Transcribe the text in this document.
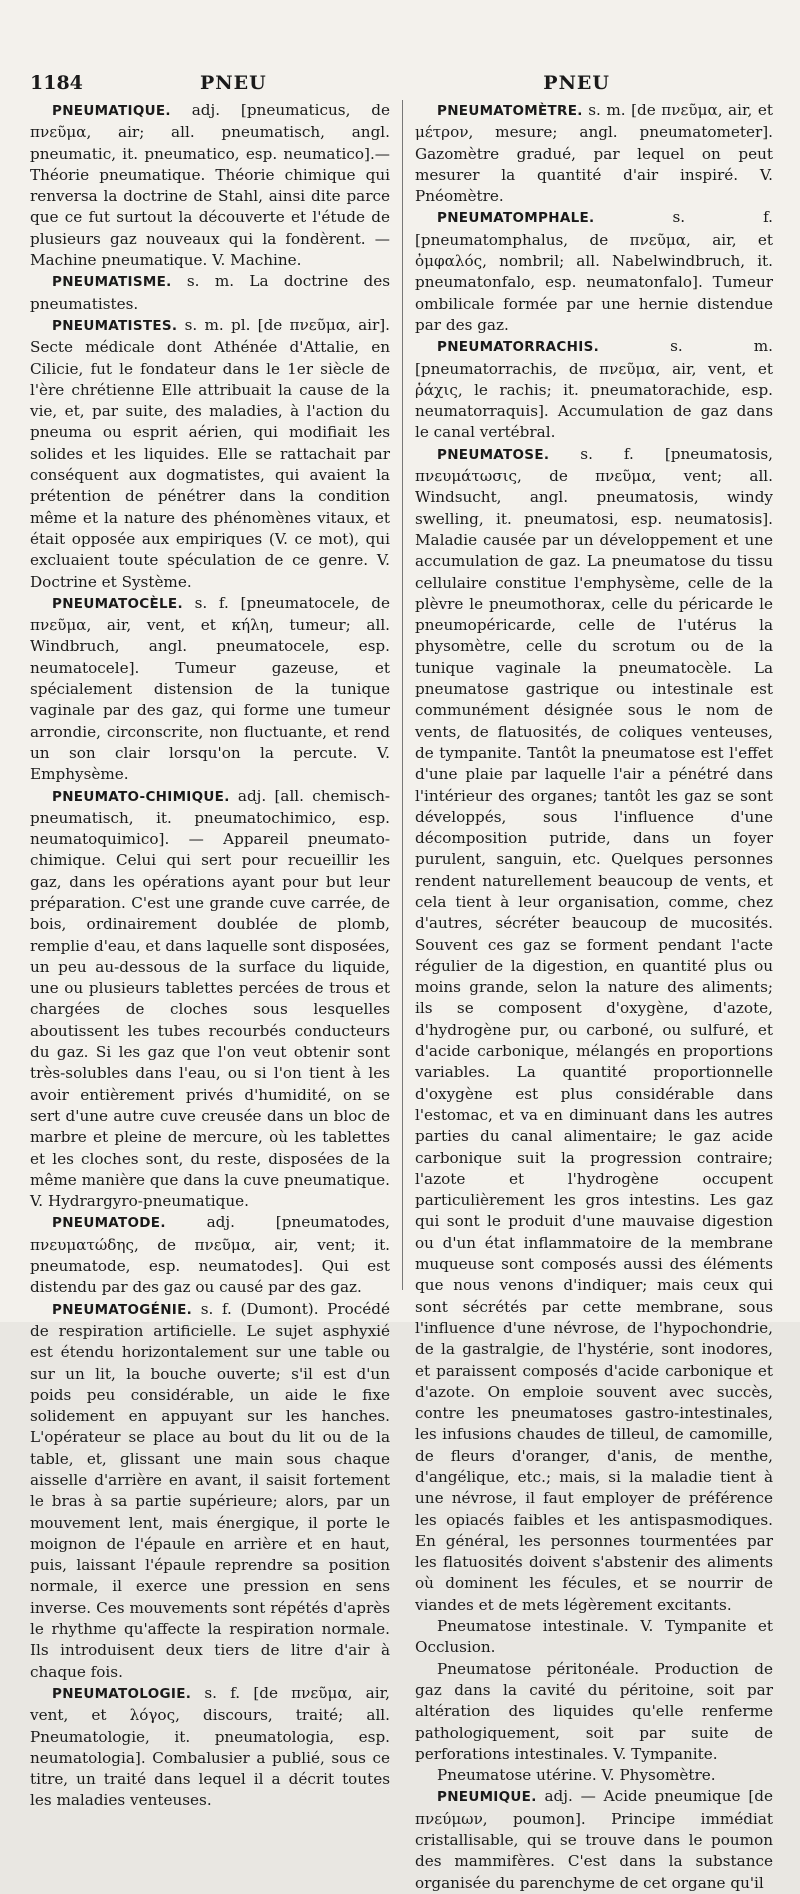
1184	PNEU	PNEU

PNEUMATIQUE. adj. [pneumaticus, de πνεῦμα, air; all. pneumatisch, angl. pneumatic, it. pneumatico, esp. neumatico].— Théorie pneumatique. Théorie chimique qui renversa la doctrine de Stahl, ainsi dite parce que ce fut surtout la découverte et l'étude de plusieurs gaz nouveaux qui la fondèrent. — Machine pneumatique. V. Machine.

PNEUMATISME. s. m. La doctrine des pneumatistes.

PNEUMATISTES. s. m. pl. [de πνεῦμα, air]. Secte médicale dont Athénée d'Attalie, en Cilicie, fut le fondateur dans le 1er siècle de l'ère chrétienne Elle attribuait la cause de la vie, et, par suite, des maladies, à l'action du pneuma ou esprit aérien, qui modifiait les solides et les liquides. Elle se rattachait par conséquent aux dogmatistes, qui avaient la prétention de pénétrer dans la condition même et la nature des phénomènes vitaux, et était opposée aux empiriques (V. ce mot), qui excluaient toute spéculation de ce genre. V. Doctrine et Système.

PNEUMATOCÈLE. s. f. [pneumatocele, de πνεῦμα, air, vent, et κήλη, tumeur; all. Windbruch, angl. pneumatocele, esp. neumatocele]. Tumeur gazeuse, et spécialement distension de la tunique vaginale par des gaz, qui forme une tumeur arrondie, circonscrite, non fluctuante, et rend un son clair lorsqu'on la percute. V. Emphysème.

PNEUMATO-CHIMIQUE. adj. [all. chemisch-pneumatisch, it. pneumatochimico, esp. neumatoquimico]. — Appareil pneumato-chimique. Celui qui sert pour recueillir les gaz, dans les opérations ayant pour but leur préparation. C'est une grande cuve carrée, de bois, ordinairement doublée de plomb, remplie d'eau, et dans laquelle sont disposées, un peu au-dessous de la surface du liquide, une ou plusieurs tablettes percées de trous et chargées de cloches sous lesquelles aboutissent les tubes recourbés conducteurs du gaz. Si les gaz que l'on veut obtenir sont très-solubles dans l'eau, ou si l'on tient à les avoir entièrement privés d'humidité, on se sert d'une autre cuve creusée dans un bloc de marbre et pleine de mercure, où les tablettes et les cloches sont, du reste, disposées de la même manière que dans la cuve pneumatique. V. Hydrargyro-pneumatique.

PNEUMATODE.	adj. [pneumatodes, πνευματώδης, de πνεῦμα, air, vent; it. pneumatode, esp. neumatodes]. Qui est distendu par des gaz ou causé par des gaz.

PNEUMATOGÉNIE. s. f. (Dumont). Procédé de respiration artificielle. Le sujet asphyxié est étendu horizontalement sur une table ou sur un lit, la bouche ouverte; s'il est d'un poids peu considérable, un aide le fixe solidement en appuyant sur les hanches. L'opérateur se place au bout du lit ou de la table, et, glissant une main sous chaque aisselle d'arrière en avant, il saisit fortement le bras à sa partie supérieure; alors, par un mouvement lent, mais énergique, il porte le moignon de l'épaule en arrière et en haut, puis, laissant l'épaule reprendre sa position normale, il exerce une pression en sens inverse. Ces mouvements sont répétés d'après le rhythme qu'affecte la respiration normale. Ils introduisent deux tiers de litre d'air à chaque fois.

PNEUMATOLOGIE. s. f. [de πνεῦμα, air, vent, et λόγος, discours, traité; all. Pneumatologie, it. pneumatologia, esp. neumatologia]. Combalusier a publié, sous ce titre, un traité dans lequel il a décrit toutes les maladies venteuses.

PNEUMATOMÈTRE. s. m. [de πνεῦμα, air, et μέτρον, mesure; angl. pneumatometer]. Gazomètre gradué, par lequel on peut mesurer la quantité d'air inspiré. V. Pnéomètre.

PNEUMATOMPHALE.	s. f. [pneumatomphalus, de πνεῦμα, air, et ὀμφαλός, nombril; all. Nabelwindbruch, it. pneumatonfalo, esp. neumatonfalo]. Tumeur ombilicale formée par une hernie distendue par des gaz.

PNEUMATORRACHIS.	s. m. [pneumatorrachis, de πνεῦμα, air, vent, et ῥάχις, le rachis; it. pneumatorachide, esp. neumatorraquis]. Accumulation de gaz dans le canal vertébral.

PNEUMATOSE. s. f. [pneumatosis, πνευμάτωσις, de πνεῦμα, vent; all. Windsucht, angl. pneumatosis, windy swelling, it. pneumatosi, esp. neumatosis]. Maladie causée par un développement et une accumulation de gaz. La pneumatose du tissu cellulaire constitue l'emphysème, celle de la plèvre le pneumothorax, celle du péricarde le pneumopéricarde, celle de l'utérus la physomètre, celle du scrotum ou de la tunique vaginale la pneumatocèle. La pneumatose gastrique ou intestinale est communément désignée sous le nom de vents, de flatuosités, de coliques venteuses, de tympanite. Tantôt la pneumatose est l'effet d'une plaie par laquelle l'air a pénétré dans l'intérieur des organes; tantôt les gaz se sont développés, sous l'influence d'une décomposition putride, dans un foyer purulent, sanguin, etc. Quelques personnes rendent naturellement beaucoup de vents, et cela tient à leur organisation, comme, chez d'autres, sécréter beaucoup de mucosités. Souvent ces gaz se forment pendant l'acte régulier de la digestion, en quantité plus ou moins grande, selon la nature des aliments; ils se composent d'oxygène, d'azote, d'hydrogène pur, ou carboné, ou sulfuré, et d'acide carbonique, mélangés en proportions variables. La quantité proportionnelle d'oxygène est plus considérable dans l'estomac, et va en diminuant dans les autres parties du canal alimentaire; le gaz acide carbonique suit la progression contraire; l'azote et l'hydrogène occupent particulièrement les gros intestins. Les gaz qui sont le produit d'une mauvaise digestion ou d'un état inflammatoire de la membrane muqueuse sont composés aussi des éléments que nous venons d'indiquer; mais ceux qui sont sécrétés par cette membrane, sous l'influence d'une névrose, de l'hypochondrie, de la gastralgie, de l'hystérie, sont inodores, et paraissent composés d'acide carbonique et d'azote. On emploie souvent avec succès, contre les pneumatoses gastro-intestinales, les infusions chaudes de tilleul, de camomille, de fleurs d'oranger, d'anis, de menthe, d'angélique, etc.; mais, si la maladie tient à une névrose, il faut employer de préférence les opiacés faibles et les antispasmodiques. En général, les personnes tourmentées par les flatuosités doivent s'abstenir des aliments où dominent les fécules, et se nourrir de viandes et de mets légèrement excitants.

Pneumatose intestinale. V. Tympanite et Occlusion.

Pneumatose péritonéale. Production de gaz dans la cavité du péritoine, soit par altération des liquides qu'elle renferme pathologiquement, soit par suite de perforations intestinales. V. Tympanite.

Pneumatose utérine. V. Physomètre.

PNEUMIQUE. adj. — Acide pneumique [de πνεύμων, poumon]. Principe immédiat cristallisable, qui se trouve dans le poumon des mammifères. C'est dans la substance organisée du parenchyme de cet organe qu'il
